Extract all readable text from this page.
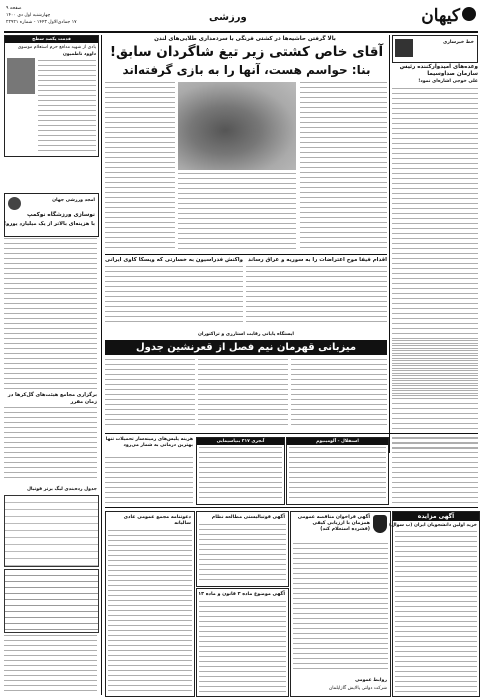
کیهان
ورزشی
صفحه ۹
چهارشنبه اول دی ۱۴۰۰
۱۷ جمادی‌الاول ۱۴۴۳ - شماره ۲۲۹۲۱
خط خبرسازی
وعده‌های امیدوارکننده رئیس سازمان صداوسیما
علی خوجی اشاره‌ای نمود!
قدمت یکصد سطح
یادی از شهید مدافع حرم استعلام موسوی
داوود ناطمیون
امجد ورزشی جهان
نوسازی ورزشگاه نوکمپ
با هزینه‌ای بالاتر از یک میلیارد یورو!
برگزاری مجامع هیئت‌های گل‌کرها در زمان مقرر
جدول رده‌بندی لیگ برتر فوتبال
بالا گرفتن حاشیه‌ها در کشتی فرنگی با سردمداری طلایی‌های لندن
آقای خاص کشتی زیر تیغ شاگردان سابق!
بنا: حواسم هست، آنها را به بازی گرفته‌اند
اقدام فیفا موج اعتراضات را به سوریه و عراق رساند
واکنش فدراسیون به خسارتی که ویسکا کاوی ایرانی
ایستگاه پایانی رقابت استارزی و تراکتوران
میزبانی قهرمان نیم فصل از قعرنشین جدول
استقلال - آلومینیوم
آنجری ۲۱۷ بنیاسیمایی
هزینه پلیس‌های زمینه‌ساز تحمیلات تنها بهترین درمانی به شمار می‌رود
آگهی مزایده
خرید اولین دانشجویان ایران (ب سوال)
آگهی فراخوان مناقصه عمومی همزمان با ارزیابی کیفی (فشرده استعلام کند)
روابط عمومی
شرکت دولتی پالایش گازایلمان
آگهی فوتبالیستی مطالعه نظام
آگهی موضوع ماده ۳ قانون و ماده ۱۳
دعوتنامه مجمع عمومی عادی سالیانه
